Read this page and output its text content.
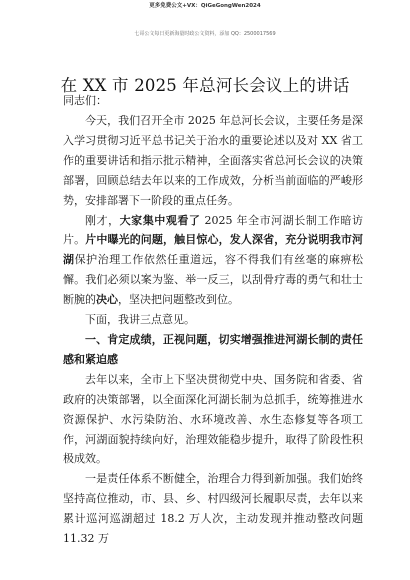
更多免费公文+VX：QiGeGongWen2024
七哥公文每日更新海量时政公文资料，添加 QQ：2500017569
在 XX 市 2025 年总河长会议上的讲话
同志们：

今天，我们召开全市 2025 年总河长会议，主要任务是深入学习贯彻习近平总书记关于治水的重要论述以及对 XX 省工作的重要讲话和指示批示精神，全面落实省总河长会议的决策部署，回顾总结去年以来的工作成效，分析当前面临的严峻形势，安排部署下一阶段的重点任务。

刚才，大家集中观看了 2025 年全市河湖长制工作暗访片。片中曝光的问题，触目惊心，发人深省，充分说明我市河湖保护治理工作依然任重道远，容不得我们有丝毫的麻痹松懈。我们必须以案为鉴、举一反三，以刮骨疗毒的勇气和壮士断腕的决心，坚决把问题整改到位。

下面，我讲三点意见。

一、肯定成绩，正视问题，切实增强推进河湖长制的责任感和紧迫感

去年以来，全市上下坚决贯彻党中央、国务院和省委、省政府的决策部署，以全面深化河湖长制为总抓手，统筹推进水资源保护、水污染防治、水环境改善、水生态修复等各项工作，河湖面貌持续向好，治理效能稳步提升，取得了阶段性积极成效。

一是责任体系不断健全，治理合力得到新加强。我们始终坚持高位推动，市、县、乡、村四级河长履职尽责，去年以来累计巡河巡湖超过 18.2 万人次，主动发现并推动整改问题 11.32 万
